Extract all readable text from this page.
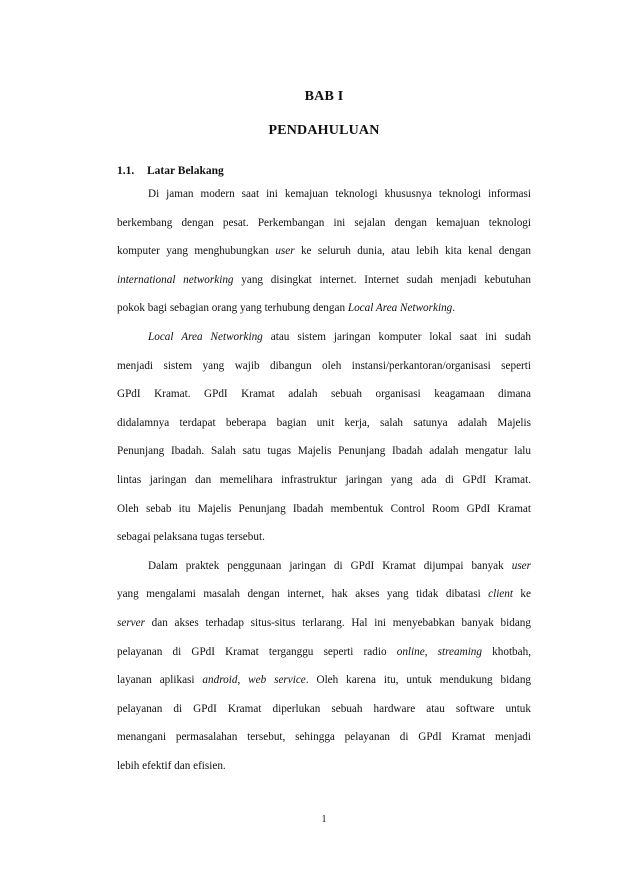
BAB I
PENDAHULUAN
1.1. Latar Belakang
Di jaman modern saat ini kemajuan teknologi khususnya teknologi informasi
berkembang dengan pesat. Perkembangan ini sejalan dengan kemajuan teknologi
komputer yang menghubungkan user ke seluruh dunia, atau lebih kita kenal dengan
international networking yang disingkat internet. Internet sudah menjadi kebutuhan
pokok bagi sebagian orang yang terhubung dengan Local Area Networking.
Local Area Networking atau sistem jaringan komputer lokal saat ini sudah
menjadi sistem yang wajib dibangun oleh instansi/perkantoran/organisasi seperti
GPdI Kramat. GPdI Kramat adalah sebuah organisasi keagamaan dimana
didalamnya terdapat beberapa bagian unit kerja, salah satunya adalah Majelis
Penunjang Ibadah. Salah satu tugas Majelis Penunjang Ibadah adalah mengatur lalu
lintas jaringan dan memelihara infrastruktur jaringan yang ada di GPdI Kramat.
Oleh sebab itu Majelis Penunjang Ibadah membentuk Control Room GPdI Kramat
sebagai pelaksana tugas tersebut.
Dalam praktek penggunaan jaringan di GPdI Kramat dijumpai banyak user
yang mengalami masalah dengan internet, hak akses yang tidak dibatasi client ke
server dan akses terhadap situs-situs terlarang. Hal ini menyebabkan banyak bidang
pelayanan di GPdI Kramat terganggu seperti radio online, streaming khotbah,
layanan aplikasi android, web service. Oleh karena itu, untuk mendukung bidang
pelayanan di GPdI Kramat diperlukan sebuah hardware atau software untuk
menangani permasalahan tersebut, sehingga pelayanan di GPdI Kramat menjadi
lebih efektif dan efisien.
1
